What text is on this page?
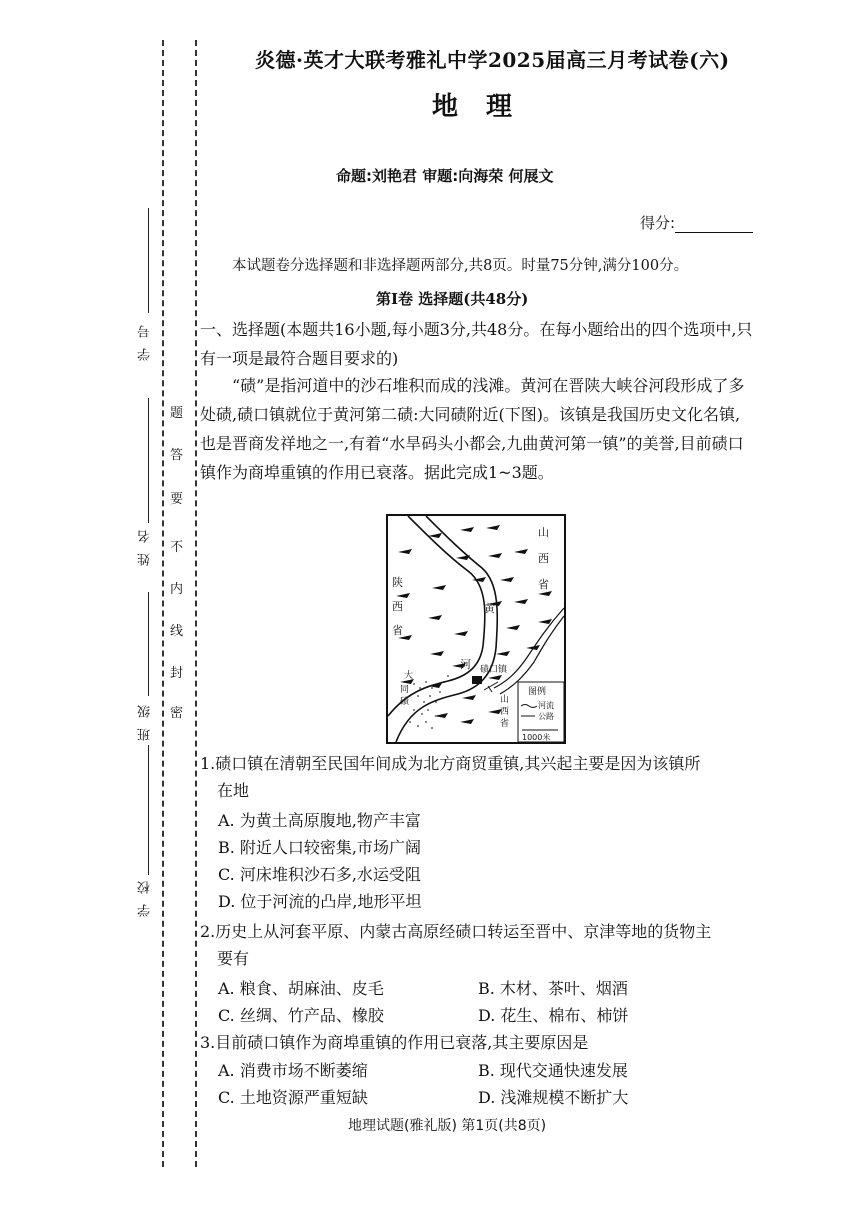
学 号
姓 名
班 级
学 校
密
封
线
内
不
要
答
题
炎德·英才大联考雅礼中学2025届高三月考试卷(六)
地理
命题:刘艳君 审题:向海荣 何展文
得分:
本试题卷分选择题和非选择题两部分,共8页。时量75分钟,满分100分。
第Ⅰ卷 选择题(共48分)
一、选择题(本题共16小题,每小题3分,共48分。在每小题给出的四个选项中,只有一项是最符合题目要求的)
“碛”是指河道中的沙石堆积而成的浅滩。黄河在晋陕大峡谷河段形成了多处碛,碛口镇就位于黄河第二碛:大同碛附近(下图)。该镇是我国历史文化名镇,也是晋商发祥地之一,有着“水旱码头小都会,九曲黄河第一镇”的美誉,目前碛口镇作为商埠重镇的作用已衰落。据此完成1~3题。
山
西
省
陕
西
省
黄
河 碛口镇
大
同
碛	山
西
省
图例
河流
公路
1000米
1.碛口镇在清朝至民国年间成为北方商贸重镇,其兴起主要是因为该镇所
在地
A. 为黄土高原腹地,物产丰富
B. 附近人口较密集,市场广阔
C. 河床堆积沙石多,水运受阻
D. 位于河流的凸岸,地形平坦
2.历史上从河套平原、内蒙古高原经碛口转运至晋中、京津等地的货物主
要有
A. 粮食、胡麻油、皮毛	B. 木材、茶叶、烟酒
C. 丝绸、竹产品、橡胶	D. 花生、棉布、柿饼
3.目前碛口镇作为商埠重镇的作用已衰落,其主要原因是
A. 消费市场不断萎缩	B. 现代交通快速发展
C. 土地资源严重短缺	D. 浅滩规模不断扩大
地理试题(雅礼版) 第1页(共8页)
